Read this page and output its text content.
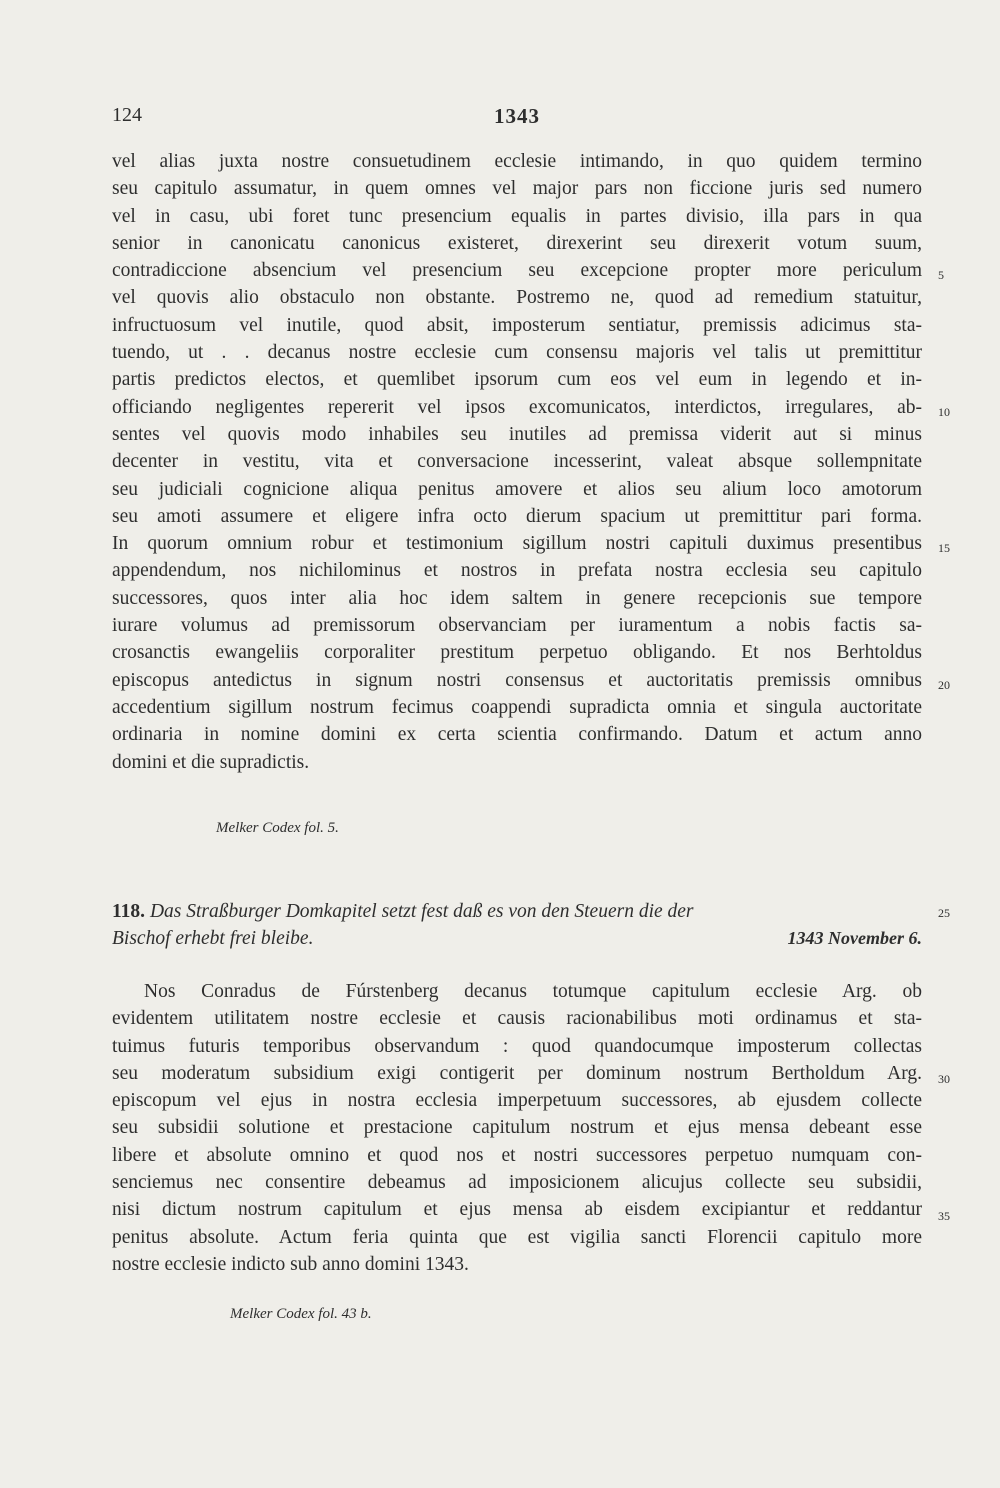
124	1343
vel alias juxta nostre consuetudinem ecclesie intimando, in quo quidem termino
seu capitulo assumatur, in quem omnes vel major pars non ficcione juris sed numero
vel in casu, ubi foret tunc presencium equalis in partes divisio, illa pars in qua
senior in canonicatu canonicus existeret, direxerint seu direxerit votum suum,
contradiccione absencium vel presencium seu excepcione propter more periculum
vel quovis alio obstaculo non obstante. Postremo ne, quod ad remedium statuitur,
infructuosum vel inutile, quod absit, imposterum sentiatur, premissis adicimus sta-
tuendo, ut . . decanus nostre ecclesie cum consensu majoris vel talis ut premittitur
partis predictos electos, et quemlibet ipsorum cum eos vel eum in legendo et in-
officiando negligentes repererit vel ipsos excomunicatos, interdictos, irregulares, ab-
sentes vel quovis modo inhabiles seu inutiles ad premissa viderit aut si minus
decenter in vestitu, vita et conversacione incesserint, valeat absque sollempnitate
seu judiciali cognicione aliqua penitus amovere et alios seu alium loco amotorum
seu amoti assumere et eligere infra octo dierum spacium ut premittitur pari forma.
In quorum omnium robur et testimonium sigillum nostri capituli duximus presentibus
appendendum, nos nichilominus et nostros in prefata nostra ecclesia seu capitulo
successores, quos inter alia hoc idem saltem in genere recepcionis sue tempore
iurare volumus ad premissorum observanciam per iuramentum a nobis factis sa-
crosanctis ewangeliis corporaliter prestitum perpetuo obligando. Et nos Berhtoldus
episcopus antedictus in signum nostri consensus et auctoritatis premissis omnibus
accedentium sigillum nostrum fecimus coappendi supradicta omnia et singula auctoritate
ordinaria in nomine domini ex certa scientia confirmando. Datum et actum anno
domini et die supradictis.
5
10
15
20
Melker Codex fol. 5.
118. Das Straßburger Domkapitel setzt fest daß es von den Steuern die der
Bischof erhebt frei bleibe.	1343 November 6.
25
Nos Conradus de Fúrstenberg decanus totumque capitulum ecclesie Arg. ob
evidentem utilitatem nostre ecclesie et causis racionabilibus moti ordinamus et sta-
tuimus futuris temporibus observandum : quod quandocumque imposterum collectas
seu moderatum subsidium exigi contigerit per dominum nostrum Bertholdum Arg.
episcopum vel ejus in nostra ecclesia imperpetuum successores, ab ejusdem collecte
seu subsidii solutione et prestacione capitulum nostrum et ejus mensa debeant esse
libere et absolute omnino et quod nos et nostri successores perpetuo numquam con-
senciemus nec consentire debeamus ad imposicionem alicujus collecte seu subsidii,
nisi dictum nostrum capitulum et ejus mensa ab eisdem excipiantur et reddantur
penitus absolute. Actum feria quinta que est vigilia sancti Florencii capitulo more
nostre ecclesie indicto sub anno domini 1343.
30
35
Melker Codex fol. 43 b.
